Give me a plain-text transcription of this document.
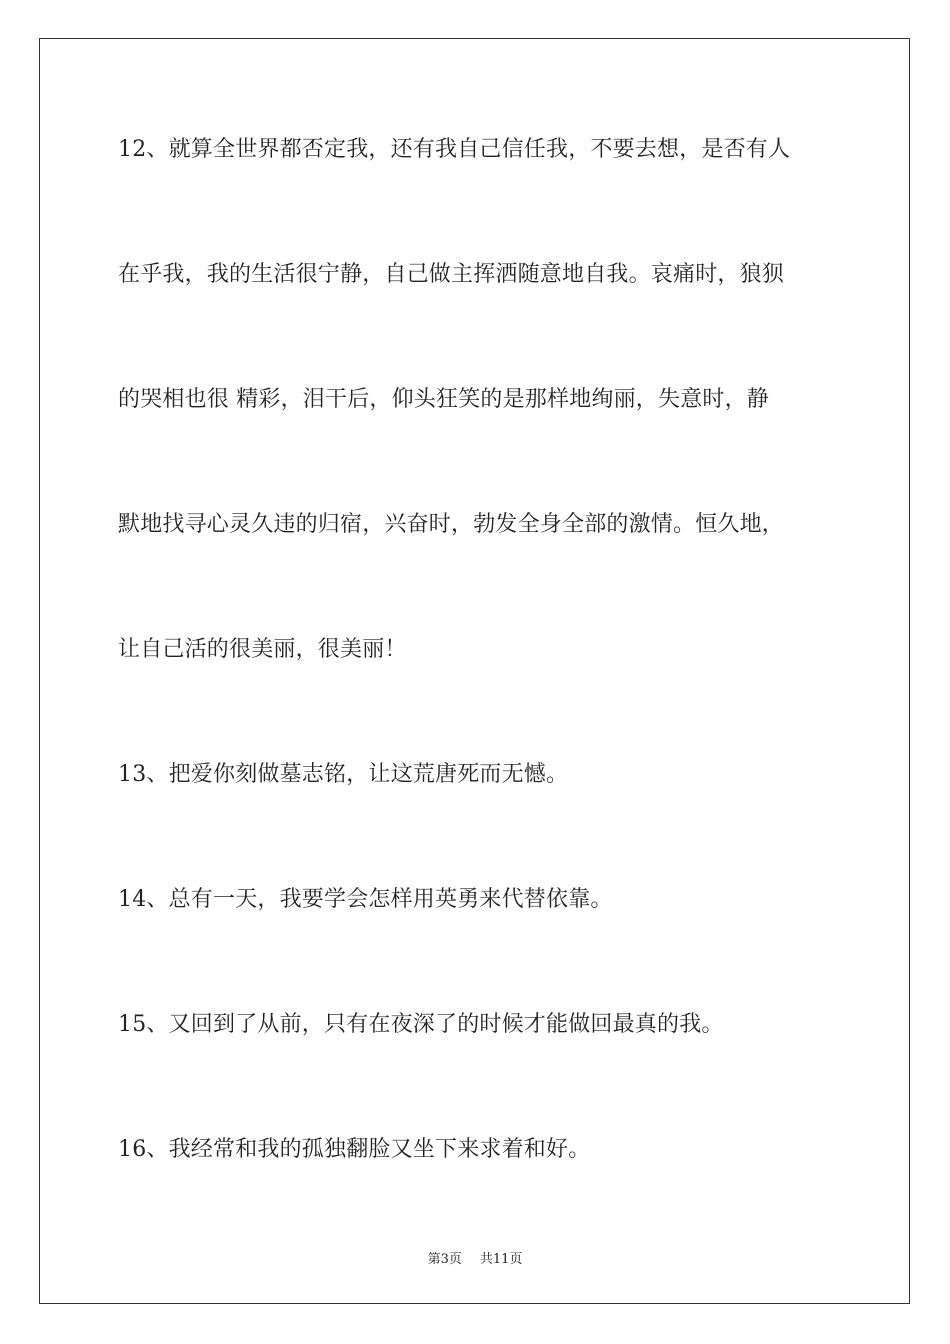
12、就算全世界都否定我，还有我自己信任我，不要去想，是否有人
在乎我，我的生活很宁静，自己做主挥洒随意地自我。哀痛时，狼狈
的哭相也很 精彩，泪干后，仰头狂笑的是那样地绚丽，失意时，静
默地找寻心灵久违的归宿，兴奋时，勃发全身全部的激情。恒久地，
让自己活的很美丽，很美丽！
13、把爱你刻做墓志铭，让这荒唐死而无憾。
14、总有一天，我要学会怎样用英勇来代替依靠。
15、又回到了从前，只有在夜深了的时候才能做回最真的我。
16、我经常和我的孤独翻脸又坐下来求着和好。
第3页 共11页
